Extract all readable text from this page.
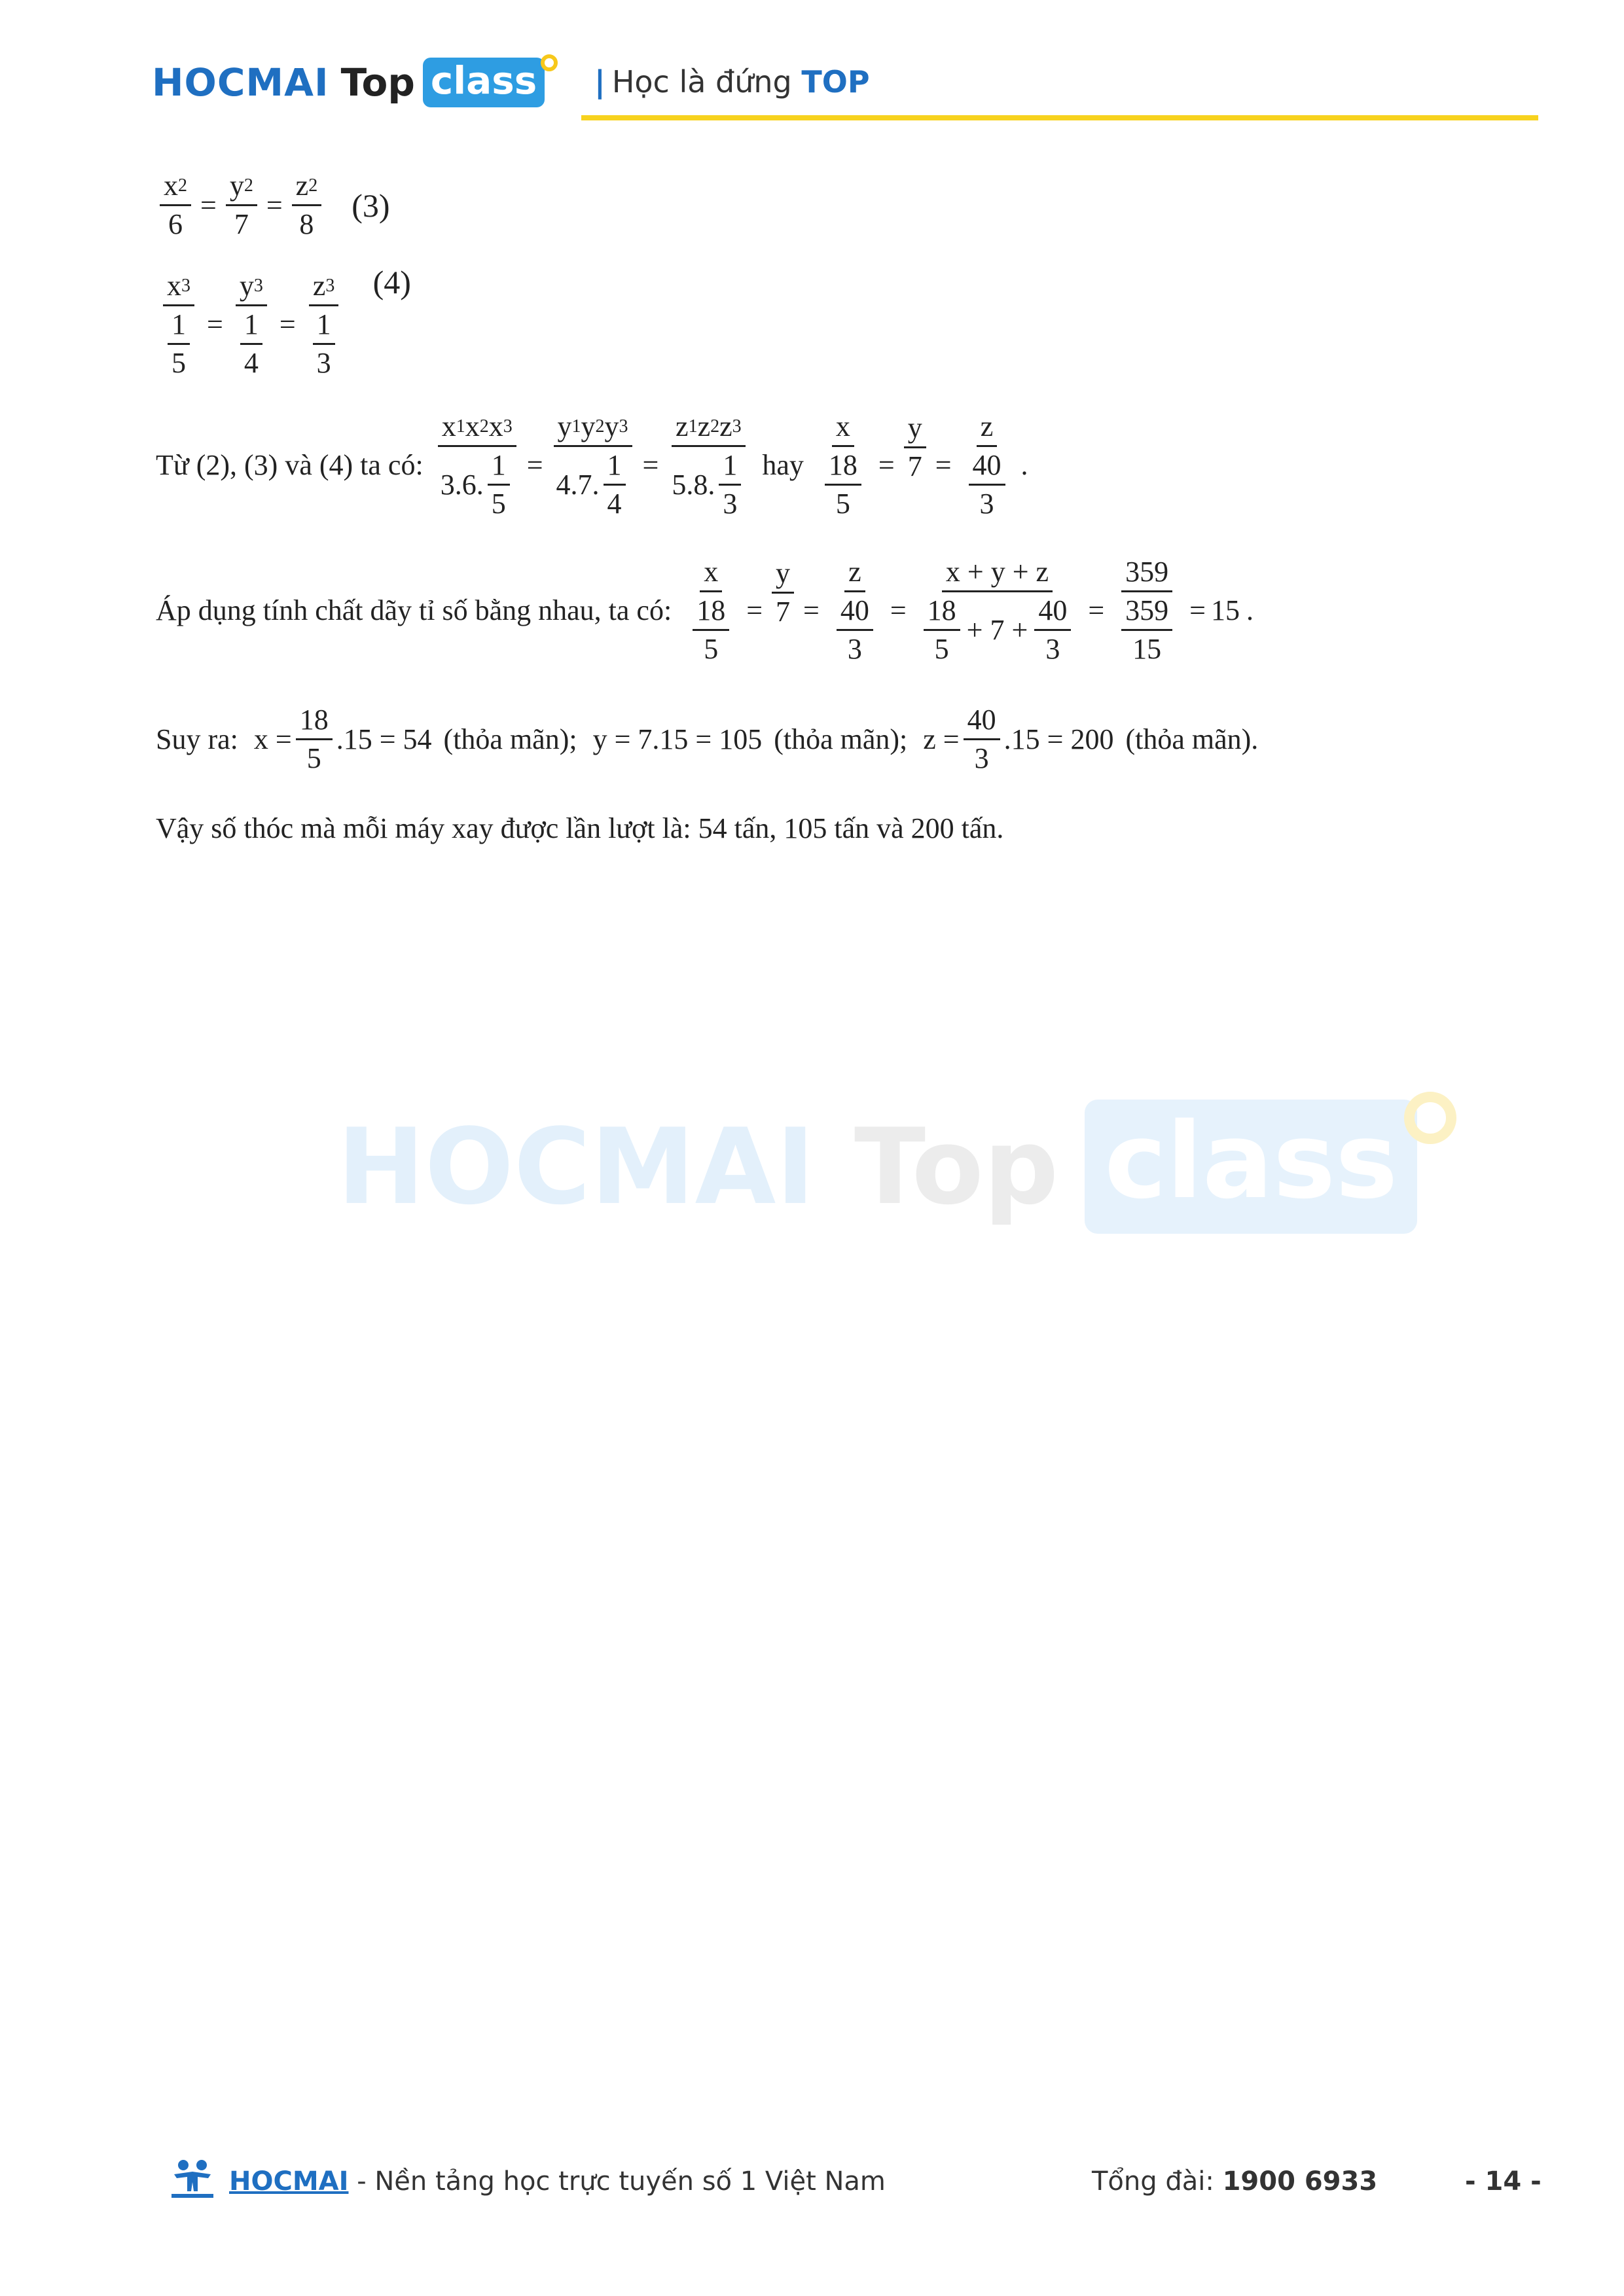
HOCMAI Top class | Học là đứng TOP
$\frac{x 2}{6} = \frac{y 2}{7} = \frac{z 2}{8} (3)$
$\frac{x 3}{\frac{1}{5}} = \frac{y 3}{\frac{1}{4}} = \frac{z 3}{\frac{1}{3}} (4)$
Từ (2), (3) và (4) ta có: $\frac{x 1 x 2 x 3}{3.6. \frac{1}{5}} = \frac{y 1 y 2 y 3}{4.7. \frac{1}{4}} = \frac{z 1 z 2 z 3}{5.8. \frac{1}{3}}$ hay $\frac{x}{\frac{18}{5}} = \frac{y}{7} = \frac{z}{\frac{40}{3}}$ .
Áp dụng tính chất dãy tỉ số bằng nhau, ta có: $\frac{x}{\frac{18}{5}} = \frac{y}{7} = \frac{z}{\frac{40}{3}} = \frac{x + y + z}{\frac{18}{5} + 7 + \frac{40}{3}} = \frac{359}{\frac{359}{15}} = 15$ .
Suy ra: $x = \frac{18}{5} .15 = 54$ (thỏa mãn); y = 7.15 = 105 (thỏa mãn); $z = \frac{40}{3} .15 = 200$ (thỏa mãn).
Vậy số thóc mà mỗi máy xay được lần lượt là: 54 tấn, 105 tấn và 200 tấn.
HOCMAI Top class
HOCMAI - Nền tảng học trực tuyến số 1 Việt Nam	Tổng đài: 1900 6933	- 14 -
